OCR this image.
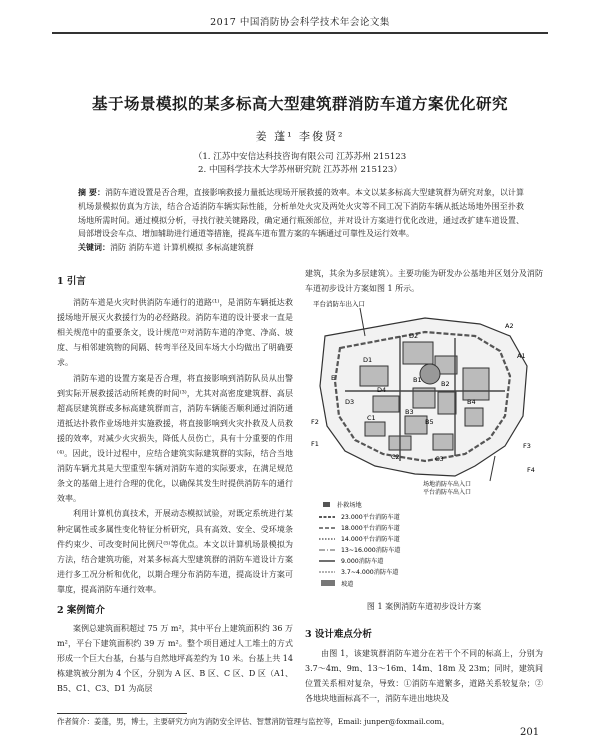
2017 中国消防协会科学技术年会论文集
基于场景模拟的某多标高大型建筑群消防车道方案优化研究
姜 蓬¹ 李俊贤²
（1. 江苏中安信达科技咨询有限公司 江苏苏州 215123
2. 中国科学技术大学苏州研究院 江苏苏州 215123）
摘 要：消防车道设置是否合理，直接影响救援力量抵达现场开展救援的效率。本文以某多标高大型建筑群为研究对象，以计算机场景模拟仿真为方法，结合合适消防车辆实际性能，分析单处火灾及两处火灾等不同工况下消防车辆从抵达场地外围至扑救场地所需时间。通过模拟分析，寻找行驶关键路段，确定通行瓶颈部位，并对设计方案进行优化改进，通过改扩建车道设置、局部增设会车点、增加辅助进行通道等措施，提高车道布置方案的车辆通过可靠性及运行效率。
关键词：消防 消防车道 计算机模拟 多标高建筑群
1 引言

消防车道是火灾时供消防车通行的道路⁽¹⁾，是消防车辆抵达救援场地开展灭火救援行为的必经路段。消防车道的设计要求一直是相关规范中的重要条文，设计规范⁽²⁾对消防车道的净宽、净高、坡度、与相邻建筑物的间隔、转弯半径及回车场大小均做出了明确要求。

消防车道的设置方案是否合理，将直接影响到消防队员从出警到实际开展救援活动所耗费的时间⁽³⁾，尤其对高密度建筑群、高层超高层建筑群或多标高建筑群而言，消防车辆能否顺利通过消防通道抵达扑救作业场地并实施救援，将直接影响到火灾扑救及人员救援的效率，对减少火灾损失，降低人员伤亡，具有十分重要的作用⁽⁴⁾。因此，设计过程中，应结合建筑实际建筑群的实际，结合当地消防车辆尤其是大型重型车辆对消防车道的实际要求，在满足规范条文的基础上进行合理的优化，以确保其发生时提供消防车的通行效率。

利用计算机仿真技术，开展动态模拟试验，对既定系统进行某种定属性或多属性变化特征分析研究，具有高效、安全、受环境条件约束少、可改变时间比例尺⁽⁵⁾等优点。本文以计算机场景模拟为方法，结合建筑功能，对某多标高大型建筑群的消防车道设计方案进行多工况分析和优化，以期合理分布消防车道，提高设计方案可靠度，提高消防车通行效率。

2 案例简介

案例总建筑面积超过 75 万 m²，其中平台上建筑面积约 36 万 m²，平台下建筑面积约 39 万 m²。整个项目通过人工堆土的方式形成一个巨大台基，台基与自然地坪高差约为 10 米。台基上共 14 栋建筑被分割为 4 个区，分别为 A 区、B 区、C 区、D 区（A1、B5、C1、C3、D1 为高层

建筑，其余为多层建筑）。主要功能为研发办公基地并区划分及消防车道初步设计方案如图 1 所示。

平台消防车出入口
场地消防车出入口
平台消防车出入口
A2
A1
B1	B2
B3
B4
B5
C1
C2	C3
D1
D2
D3
D4
E
F1
F2
F3
F4
扑救场地
23.000平台消防车道
18.000平台消防车道
14.000平台消防车道
13~16.000消防车道
9.000消防车道
3.7~4.000消防车道
坡道
图 1 案例消防车道初步设计方案
3 设计难点分析

由图 1，该建筑群消防车道分在若干个不同的标高上，分别为 3.7～4m、9m、13～16m、14m、18m 及 23m；同时，建筑间位置关系相对复杂，导致：①消防车道繁多，道路关系较复杂；②各地块地面标高不一，消防车进出地块及

作者简介：姜蓬，男，博士，主要研究方向为消防安全评估、智慧消防管理与监控等，Email: junper@foxmail.com。
201
